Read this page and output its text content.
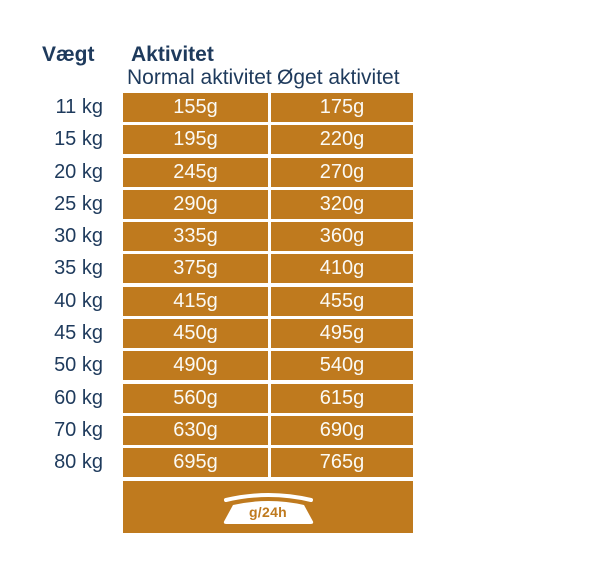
Vægt Aktivitet
Normal aktivitet Øget aktivitet
11 kg	155g	175g
15 kg	195g	220g
20 kg	245g	270g
25 kg	290g	320g
30 kg	335g	360g
35 kg	375g	410g
40 kg	415g	455g
45 kg	450g	495g
50 kg	490g	540g
60 kg	560g	615g
70 kg	630g	690g
80 kg	695g	765g
g/24h
